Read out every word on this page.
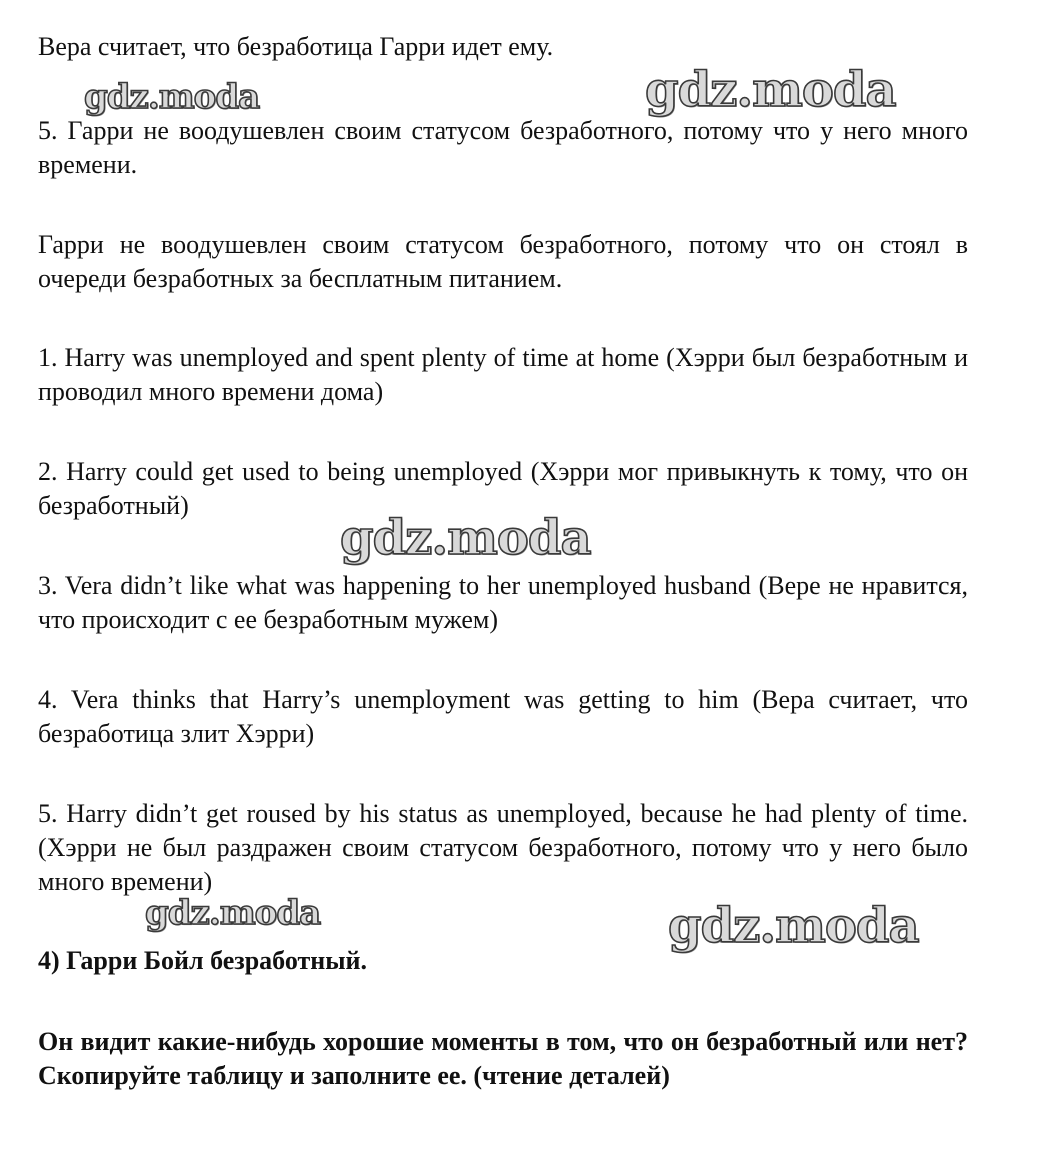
Вера считает, что безработица Гарри идет ему.

gdz.moda	gdz.moda

5. Гарри не воодушевлен своим статусом безработного, потому что у него много времени.

Гарри не воодушевлен своим статусом безработного, потому что он стоял в очереди безработных за бесплатным питанием.

1. Harry was unemployed and spent plenty of time at home (Хэрри был безработным и проводил много времени дома)

2. Harry could get used to being unemployed (Хэрри мог привыкнуть к тому, что он безработный)

gdz.moda

3. Vera didn’t like what was happening to her unemployed husband (Вере не нравится, что происходит с ее безработным мужем)

4. Vera thinks that Harry’s unemployment was getting to him (Вера считает, что безработица злит Хэрри)

5. Harry didn’t get roused by his status as unemployed, because he had plenty of time. (Хэрри не был раздражен своим статусом безработного, потому что у него было много времени)

gdz.moda	gdz.moda

4) Гарри Бойл безработный.

Он видит какие-нибудь хорошие моменты в том, что он безработный или нет? Скопируйте таблицу и заполните ее. (чтение деталей)
